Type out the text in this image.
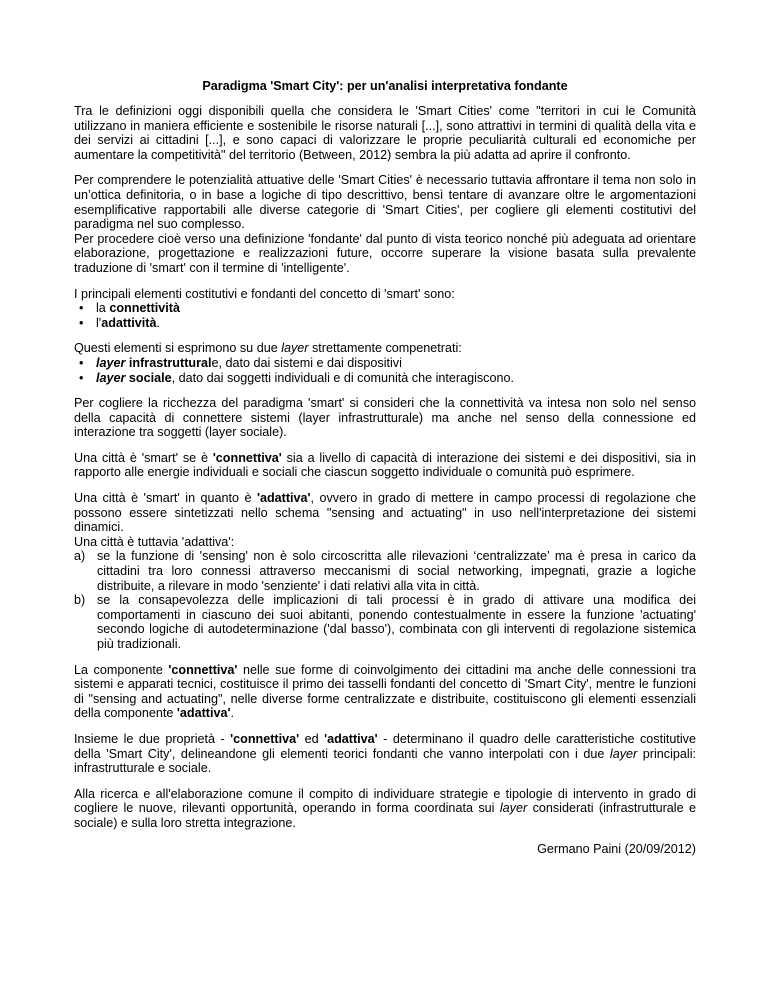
Paradigma 'Smart City': per un'analisi interpretativa fondante

Tra le definizioni oggi disponibili quella che considera le 'Smart Cities' come "territori in cui le Comunità utilizzano in maniera efficiente e sostenibile le risorse naturali [...], sono attrattivi in termini di qualità della vita e dei servizi ai cittadini [...], e sono capaci di valorizzare le proprie peculiarità culturali ed economiche per aumentare la competitività" del territorio (Between, 2012) sembra la più adatta ad aprire il confronto.

Per comprendere le potenzialità attuative delle 'Smart Cities' è necessario tuttavia affrontare il tema non solo in un’ottica definitoria, o in base a logiche di tipo descrittivo, bensì tentare di avanzare oltre le argomentazioni esemplificative rapportabili alle diverse categorie di 'Smart Cities', per cogliere gli elementi costitutivi del paradigma nel suo complesso.

Per procedere cioè verso una definizione 'fondante' dal punto di vista teorico nonché più adeguata ad orientare elaborazione, progettazione e realizzazioni future, occorre superare la visione basata sulla prevalente traduzione di 'smart' con il termine di 'intelligente'.

I principali elementi costitutivi e fondanti del concetto di 'smart' sono:

• la connettività
• l'adattività.

Questi elementi si esprimono su due layer strettamente compenetrati:

• layer infrastrutturale, dato dai sistemi e dai dispositivi
• layer sociale, dato dai soggetti individuali e di comunità che interagiscono.

Per cogliere la ricchezza del paradigma 'smart' si consideri che la connettività va intesa non solo nel senso della capacità di connettere sistemi (layer infrastrutturale) ma anche nel senso della connessione ed interazione tra soggetti (layer sociale).

Una città è 'smart' se è 'connettiva' sia a livello di capacità di interazione dei sistemi e dei dispositivi, sia in rapporto alle energie individuali e sociali che ciascun soggetto individuale o comunità può esprimere.

Una città è 'smart' in quanto è 'adattiva', ovvero in grado di mettere in campo processi di regolazione che possono essere sintetizzati nello schema "sensing and actuating" in uso nell'interpretazione dei sistemi dinamici.

Una città è tuttavia 'adattiva':

a) se la funzione di 'sensing' non è solo circoscritta alle rilevazioni ‘centralizzate’ ma è presa in carico da cittadini tra loro connessi attraverso meccanismi di social networking, impegnati, grazie a logiche distribuite, a rilevare in modo 'senziente' i dati relativi alla vita in città.
b) se la consapevolezza delle implicazioni di tali processi è in grado di attivare una modifica dei comportamenti in ciascuno dei suoi abitanti, ponendo contestualmente in essere la funzione 'actuating' secondo logiche di autodeterminazione ('dal basso'), combinata con gli interventi di regolazione sistemica più tradizionali.

La componente 'connettiva' nelle sue forme di coinvolgimento dei cittadini ma anche delle connessioni tra sistemi e apparati tecnici, costituisce il primo dei tasselli fondanti del concetto di 'Smart City', mentre le funzioni di "sensing and actuating", nelle diverse forme centralizzate e distribuite, costituiscono gli elementi essenziali della componente 'adattiva'.

Insieme le due proprietà - 'connettiva' ed 'adattiva' - determinano il quadro delle caratteristiche costitutive della 'Smart City', delineandone gli elementi teorici fondanti che vanno interpolati con i due layer principali: infrastrutturale e sociale.

Alla ricerca e all'elaborazione comune il compito di individuare strategie e tipologie di intervento in grado di cogliere le nuove, rilevanti opportunità, operando in forma coordinata sui layer considerati (infrastrutturale e sociale) e sulla loro stretta integrazione.

Germano Paini (20/09/2012)
